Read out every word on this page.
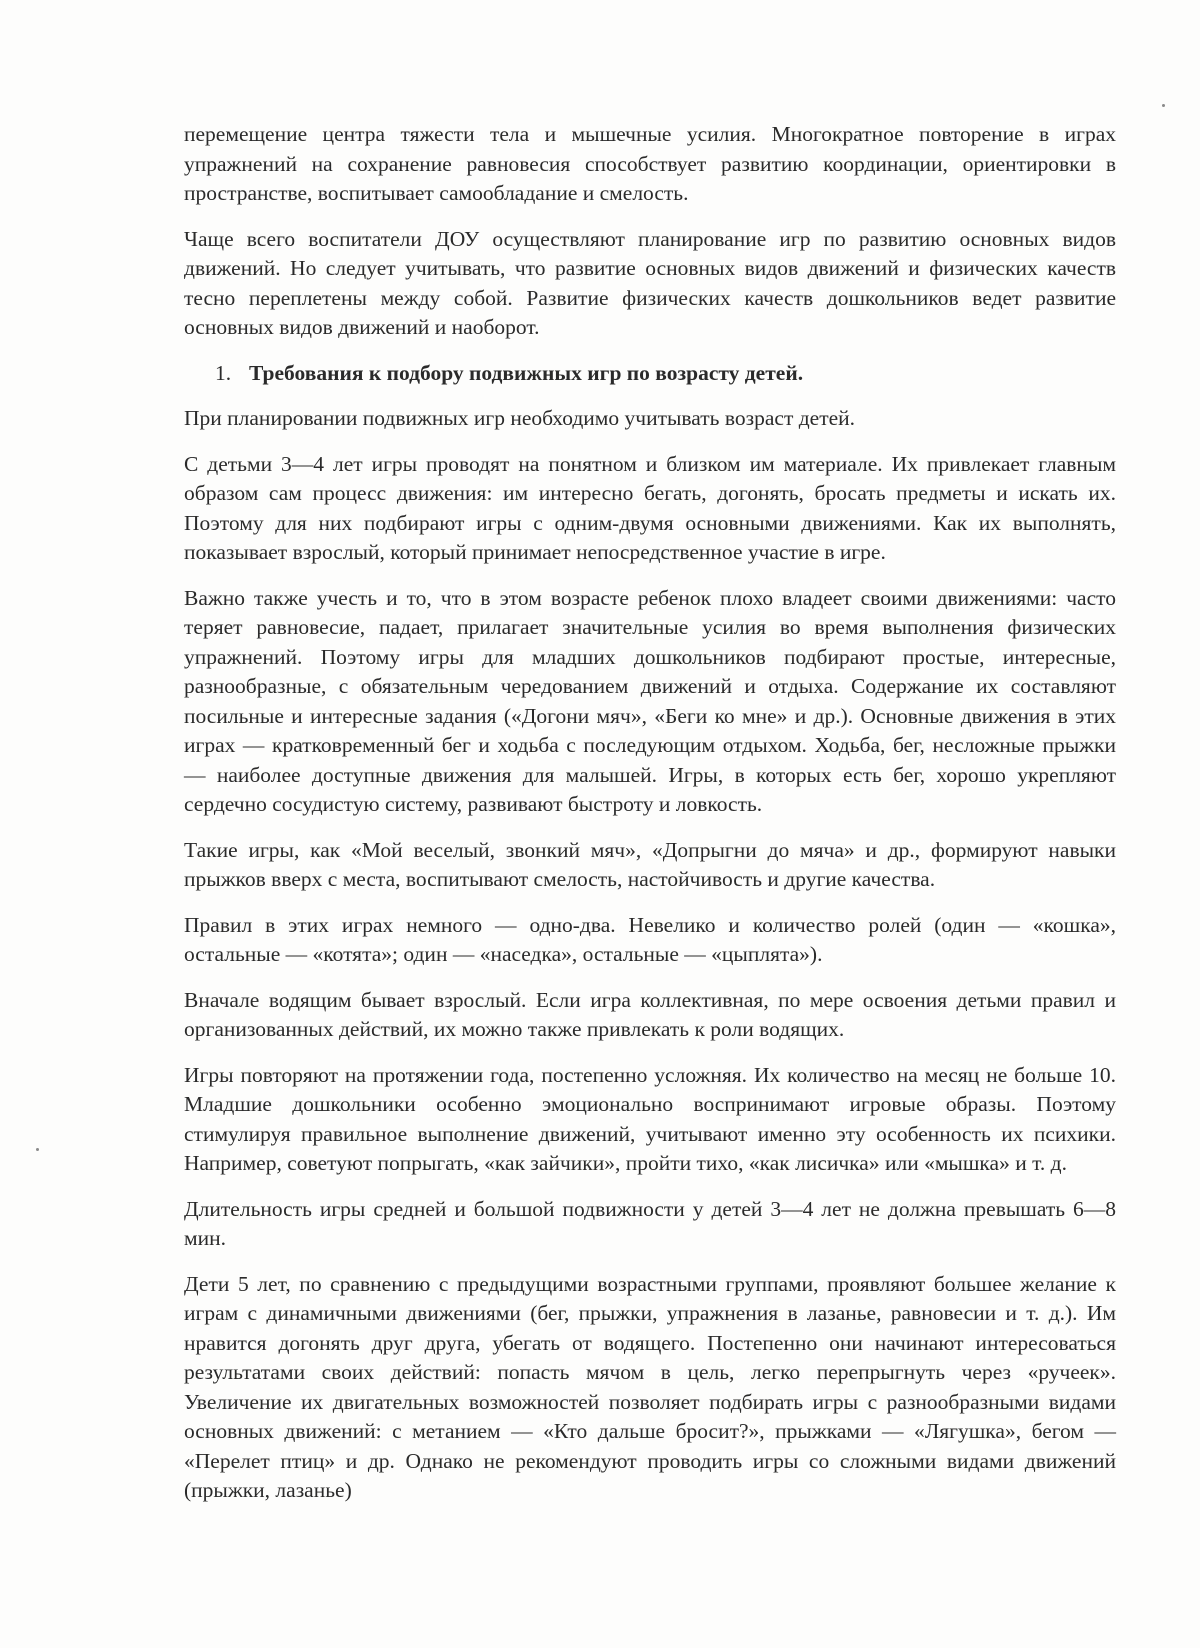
перемещение центра тяжести тела и мышечные усилия. Многократное повторение в играх упражнений на сохранение равновесия способствует развитию координации, ориентировки в пространстве, воспитывает самообладание и смелость.

Чаще всего воспитатели ДОУ осуществляют планирование игр по развитию основных видов движений. Но следует учитывать, что развитие основных видов движений и физических качеств тесно переплетены между собой. Развитие физических качеств дошкольников ведет развитие основных видов движений и наоборот.

1. Требования к подбору подвижных игр по возрасту детей.

При планировании подвижных игр необходимо учитывать возраст детей.

С детьми 3—4 лет игры проводят на понятном и близком им материале. Их привлекает главным образом сам процесс движения: им интересно бегать, догонять, бросать предметы и искать их. Поэтому для них подбирают игры с одним-двумя основными движениями. Как их выполнять, показывает взрослый, который принимает непосредственное участие в игре.

Важно также учесть и то, что в этом возрасте ребенок плохо владеет своими движениями: часто теряет равновесие, падает, прилагает значительные усилия во время выполнения физических упражнений. Поэтому игры для младших дошкольников подбирают простые, интересные, разнообразные, с обязательным чередованием движений и отдыха. Содержание их составляют посильные и интересные задания («Догони мяч», «Беги ко мне» и др.). Основные движения в этих играх — кратковременный бег и ходьба с последующим отдыхом. Ходьба, бег, несложные прыжки — наиболее доступные движения для малышей. Игры, в которых есть бег, хорошо укрепляют сердечно сосудистую систему, развивают быстроту и ловкость.

Такие игры, как «Мой веселый, звонкий мяч», «Допрыгни до мяча» и др., формируют навыки прыжков вверх с места, воспитывают смелость, настойчивость и другие качества.

Правил в этих играх немного — одно-два. Невелико и количество ролей (один — «кошка», остальные — «котята»; один — «наседка», остальные — «цыплята»).

Вначале водящим бывает взрослый. Если игра коллективная, по мере освоения детьми правил и организованных действий, их можно также привлекать к роли водящих.

Игры повторяют на протяжении года, постепенно усложняя. Их количество на месяц не больше 10. Младшие дошкольники особенно эмоционально воспринимают игровые образы. Поэтому стимулируя правильное выполнение движений, учитывают именно эту особенность их психики. Например, советуют попрыгать, «как зайчики», пройти тихо, «как лисичка» или «мышка» и т. д.

Длительность игры средней и большой подвижности у детей 3—4 лет не должна превышать 6—8 мин.

Дети 5 лет, по сравнению с предыдущими возрастными группами, проявляют большее желание к играм с динамичными движениями (бег, прыжки, упражнения в лазанье, равновесии и т. д.). Им нравится догонять друг друга, убегать от водящего. Постепенно они начинают интересоваться результатами своих действий: попасть мячом в цель, легко перепрыгнуть через «ручеек». Увеличение их двигательных возможностей позволяет подбирать игры с разнообразными видами основных движений: с метанием — «Кто дальше бросит?», прыжками — «Лягушка», бегом — «Перелет птиц» и др. Однако не рекомендуют проводить игры со сложными видами движений (прыжки, лазанье)
